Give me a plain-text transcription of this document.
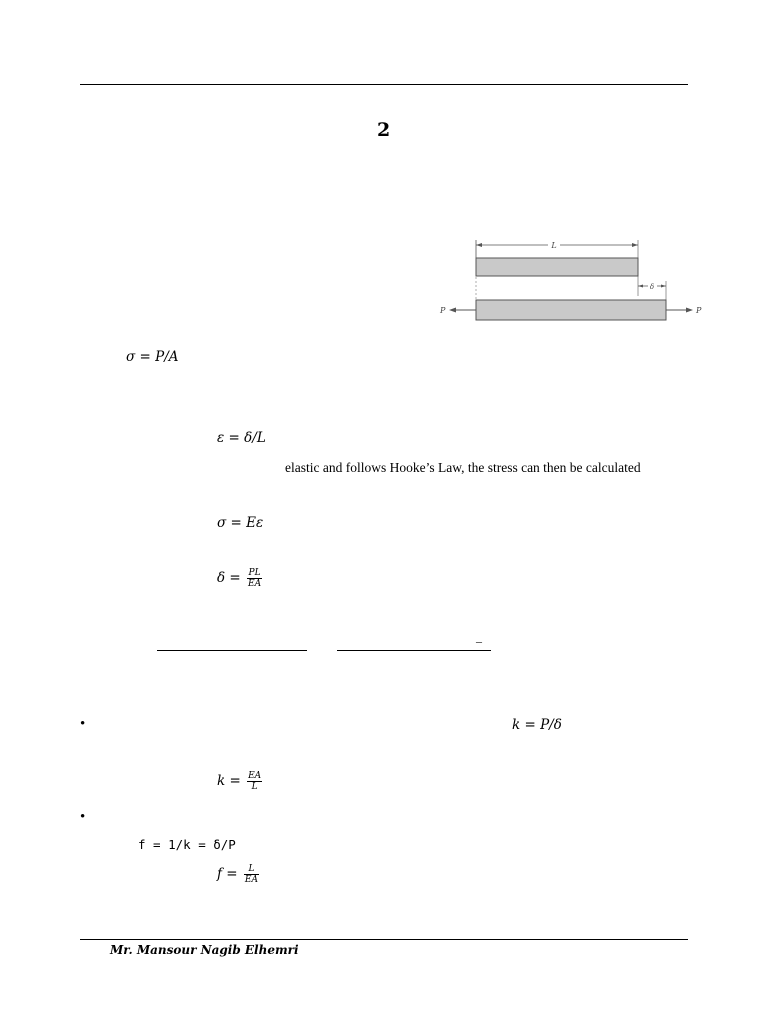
2
L
δ
P	P
σ = P/A
ε = δ/L
elastic and follows Hooke’s Law, the stress can then be calculated
σ = Eε
$\delta = \frac{PL}{EA}$
–
•	k = P/δ
$k = \frac{EA}{L}$
•
f = 1/k = δ/P
$f = \frac{L}{EA}$
Mr. Mansour Nagib Elhemri
